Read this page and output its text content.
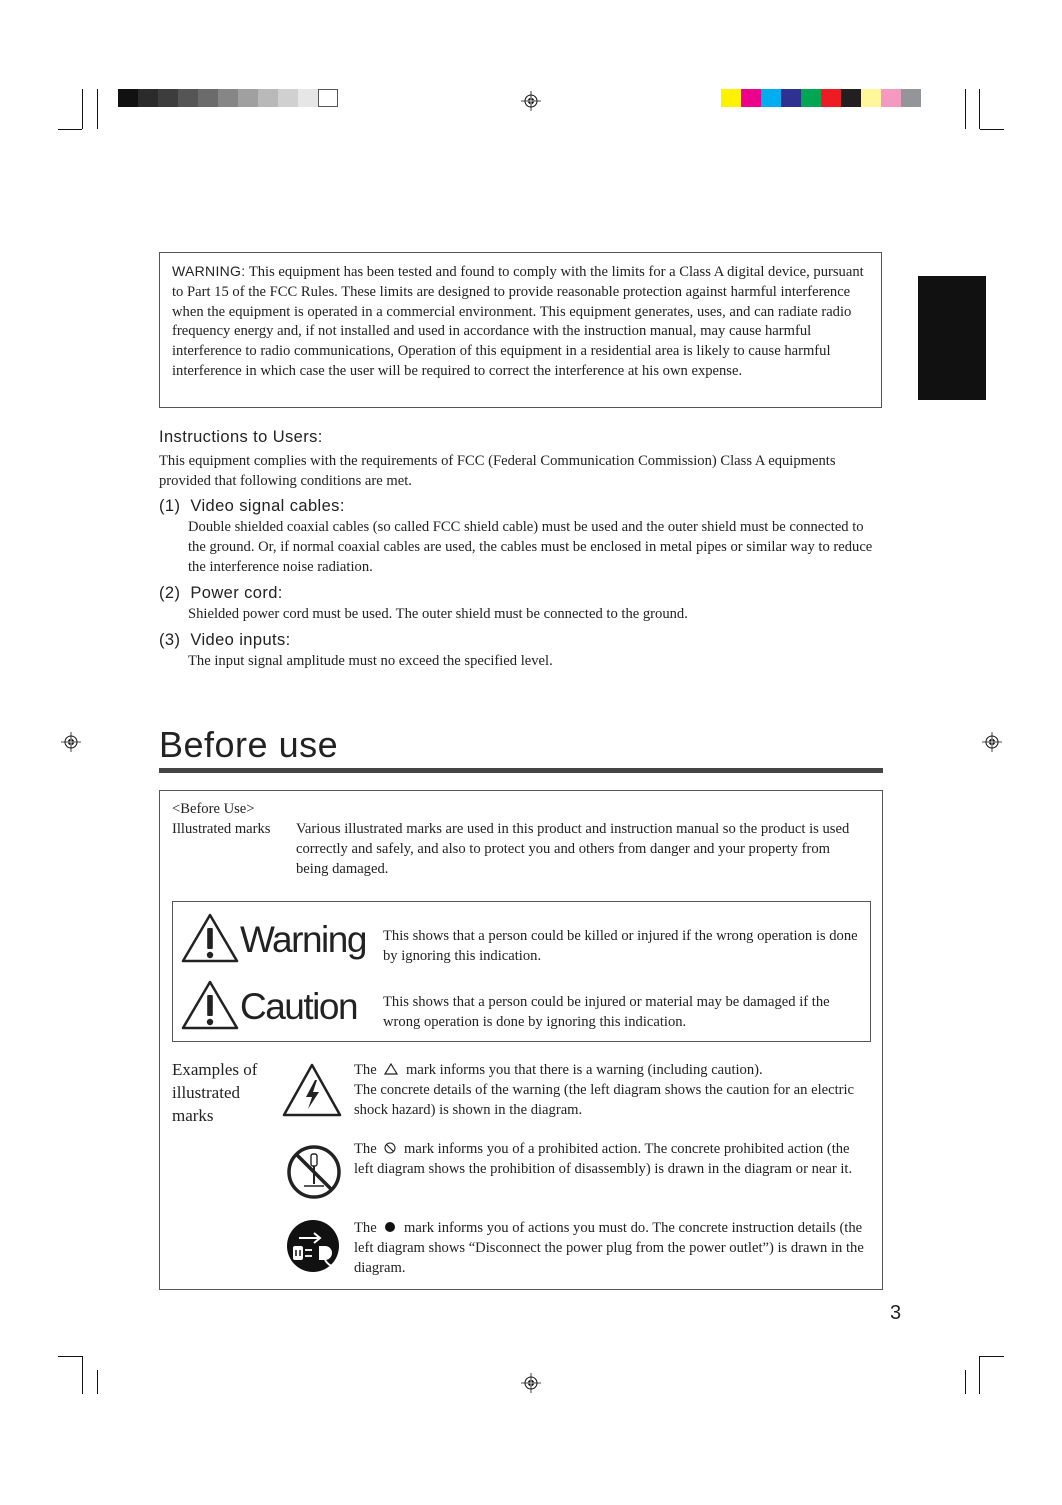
WARNING: This equipment has been tested and found to comply with the limits for a Class A digital device, pursuant to Part 15 of the FCC Rules. These limits are designed to provide reasonable protection against harmful interference when the equipment is operated in a commercial environment. This equipment generates, uses, and can radiate radio frequency energy and, if not installed and used in accordance with the instruction manual, may cause harmful interference to radio communications, Operation of this equipment in a residential area is likely to cause harmful interference in which case the user will be required to correct the interference at his own expense.
Instructions to Users:
This equipment complies with the requirements of FCC (Federal Communication Commission) Class A equipments provided that following conditions are met.
(1) Video signal cables:
Double shielded coaxial cables (so called FCC shield cable) must be used and the outer shield must be connected to the ground. Or, if normal coaxial cables are used, the cables must be enclosed in metal pipes or similar way to reduce the interference noise radiation.
(2) Power cord:
Shielded power cord must be used. The outer shield must be connected to the ground.
(3) Video inputs:
The input signal amplitude must no exceed the specified level.
Before use
<Before Use>
Illustrated marks Various illustrated marks are used in this product and instruction manual so the product is used correctly and safely, and also to protect you and others from danger and your property from being damaged.
Warning This shows that a person could be killed or injured if the wrong operation is done by ignoring this indication.
Caution This shows that a person could be injured or material may be damaged if the wrong operation is done by ignoring this indication.
Examples of illustrated marks
The mark informs you that there is a warning (including caution).
The concrete details of the warning (the left diagram shows the caution for an electric shock hazard) is shown in the diagram.
The mark informs you of a prohibited action. The concrete prohibited action (the left diagram shows the prohibition of disassembly) is drawn in the diagram or near it.
The mark informs you of actions you must do. The concrete instruction details (the left diagram shows “Disconnect the power plug from the power outlet”) is drawn in the diagram.
3
